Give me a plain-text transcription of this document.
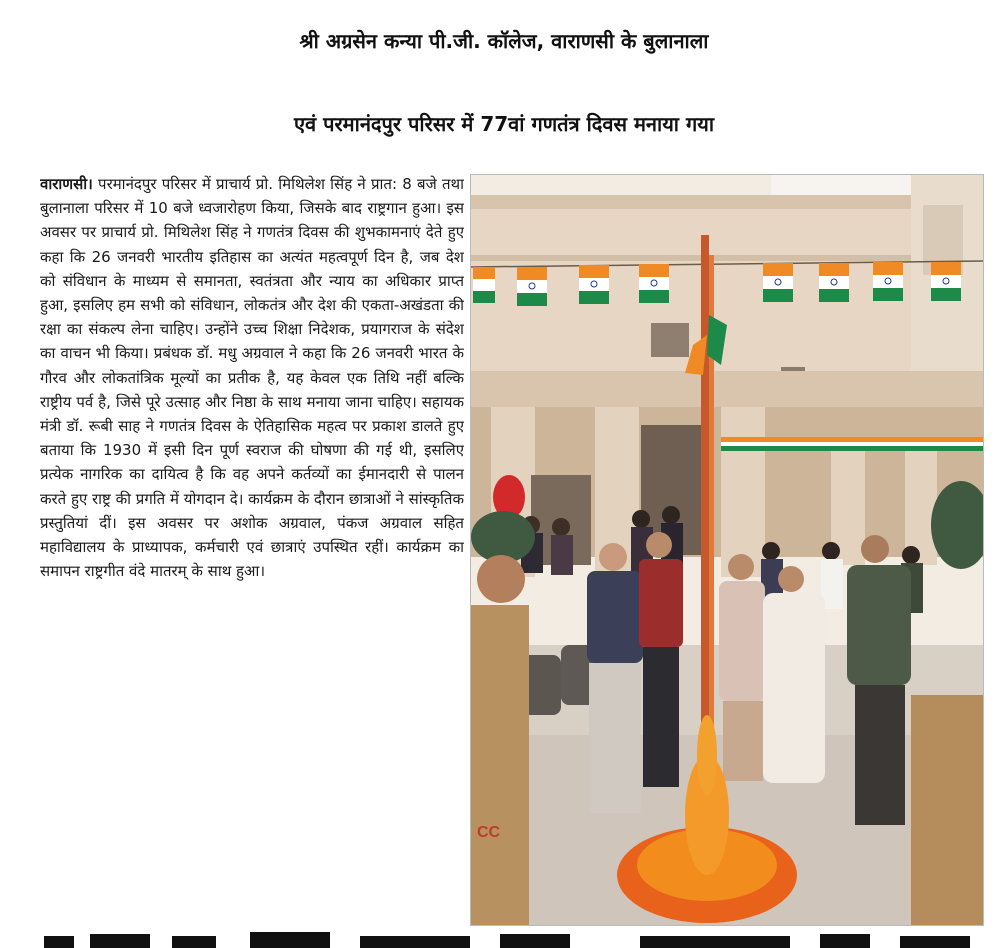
श्री अग्रसेन कन्या पी.जी. कॉलेज, वाराणसी के बुलानाला
एवं परमानंदपुर परिसर में 77वां गणतंत्र दिवस मनाया गया
वाराणसी। परमानंदपुर परिसर में प्राचार्य प्रो. मिथिलेश सिंह ने प्रात: 8 बजे तथा बुलानाला परिसर में 10 बजे ध्वजारोहण किया, जिसके बाद राष्ट्रगान हुआ। इस अवसर पर प्राचार्य प्रो. मिथिलेश सिंह ने गणतंत्र दिवस की शुभकामनाएं देते हुए कहा कि 26 जनवरी भारतीय इतिहास का अत्यंत महत्वपूर्ण दिन है, जब देश को संविधान के माध्यम से समानता, स्वतंत्रता और न्याय का अधिकार प्राप्त हुआ, इसलिए हम सभी को संविधान, लोकतंत्र और देश की एकता-अखंडता की रक्षा का संकल्प लेना चाहिए। उन्होंने उच्च शिक्षा निदेशक, प्रयागराज के संदेश का वाचन भी किया। प्रबंधक डॉ. मधु अग्रवाल ने कहा कि 26 जनवरी भारत के गौरव और लोकतांत्रिक मूल्यों का प्रतीक है, यह केवल एक तिथि नहीं बल्कि राष्ट्रीय पर्व है, जिसे पूरे उत्साह और निष्ठा के साथ मनाया जाना चाहिए। सहायक मंत्री डॉ. रूबी साह ने गणतंत्र दिवस के ऐतिहासिक महत्व पर प्रकाश डालते हुए बताया कि 1930 में इसी दिन पूर्ण स्वराज की घोषणा की गई थी, इसलिए प्रत्येक नागरिक का दायित्व है कि वह अपने कर्तव्यों का ईमानदारी से पालन करते हुए राष्ट्र की प्रगति में योगदान दे। कार्यक्रम के दौरान छात्राओं ने सांस्कृतिक प्रस्तुतियां दीं। इस अवसर पर अशोक अग्रवाल, पंकज अग्रवाल सहित महाविद्यालय के प्राध्यापक, कर्मचारी एवं छात्राएं उपस्थित रहीं। कार्यक्रम का समापन राष्ट्रगीत वंदे मातरम् के साथ हुआ।
CC
